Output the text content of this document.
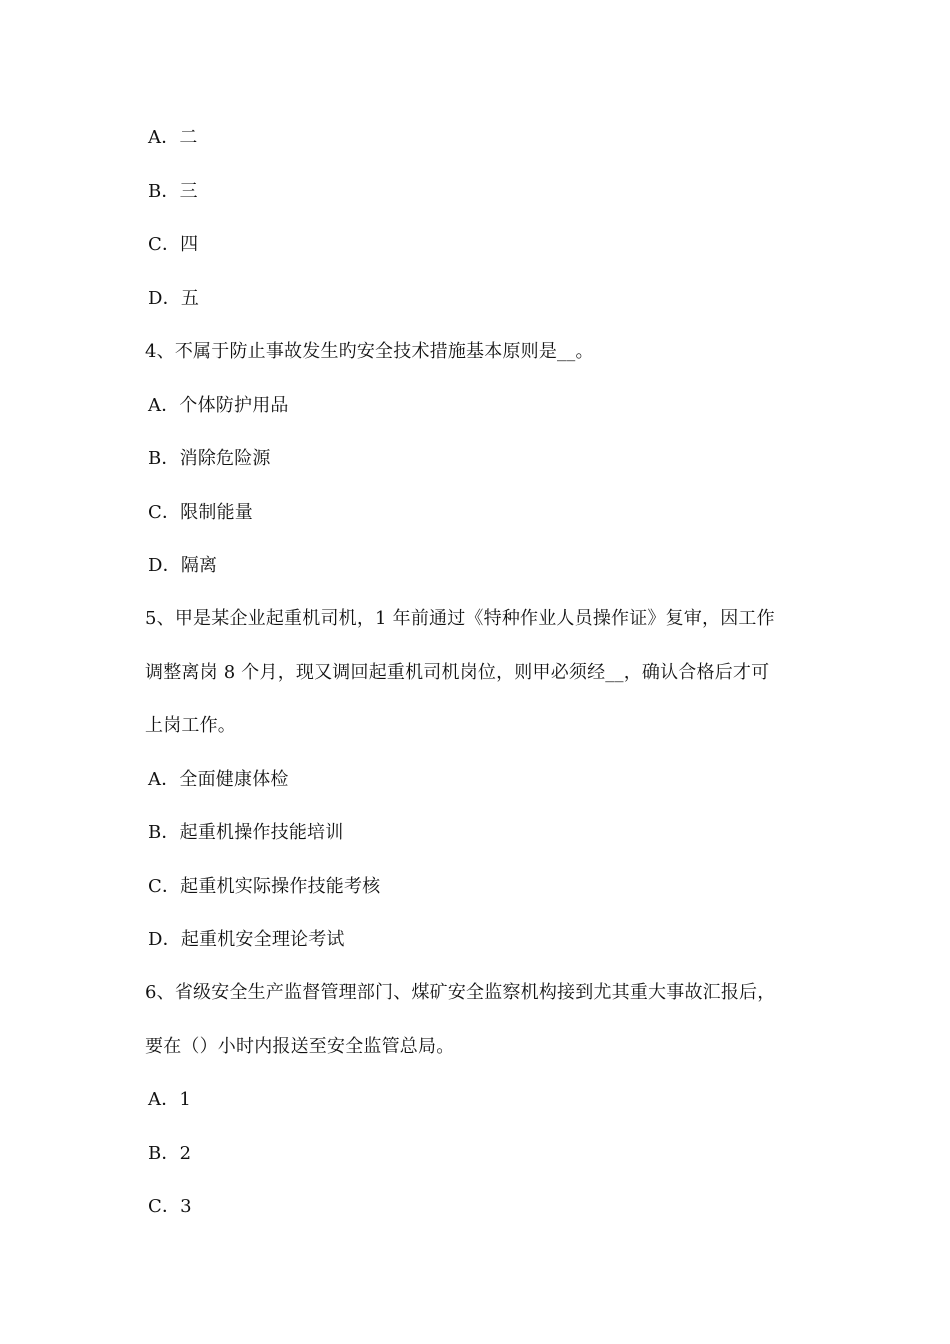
A．二
B．三
C．四
D．五
4、不属于防止事故发生旳安全技术措施基本原则是__。
A．个体防护用品
B．消除危险源
C．限制能量
D．隔离
5、甲是某企业起重机司机，1 年前通过《特种作业人员操作证》复审，因工作
调整离岗 8 个月，现又调回起重机司机岗位，则甲必须经__，确认合格后才可
上岗工作。
A．全面健康体检
B．起重机操作技能培训
C．起重机实际操作技能考核
D．起重机安全理论考试
6、省级安全生产监督管理部门、煤矿安全监察机构接到尤其重大事故汇报后，
要在（）小时内报送至安全监管总局。
A．1
B．2
C．3
